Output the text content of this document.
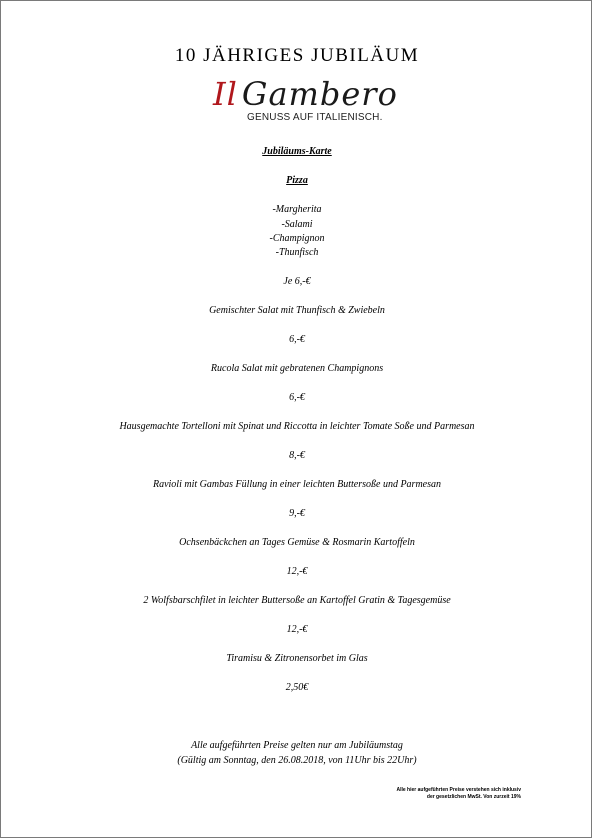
10 JÄHRIGES JUBILÄUM
Il Gambero
GENUSS AUF ITALIENISCH.
Jubiläums-Karte
Pizza
-Margherita
-Salami
-Champignon
-Thunfisch
Je 6,-€
Gemischter Salat mit Thunfisch & Zwiebeln
6,-€
Rucola Salat mit gebratenen Champignons
6,-€
Hausgemachte Tortelloni mit Spinat und Riccotta in leichter Tomate Soße und Parmesan
8,-€
Ravioli mit Gambas Füllung in einer leichten Buttersoße und Parmesan
9,-€
Ochsenbäckchen an Tages Gemüse & Rosmarin Kartoffeln
12,-€
2 Wolfsbarschfilet in leichter Buttersoße an Kartoffel Gratin & Tagesgemüse
12,-€
Tiramisu & Zitronensorbet im Glas
2,50€
Alle aufgeführten Preise gelten nur am Jubiläumstag
(Gültig am Sonntag, den 26.08.2018, von 11Uhr bis 22Uhr)
Alle hier aufgeführten Preise verstehen sich inklusiv
der gesetzlichen MwSt. Von zurzeit 19%
